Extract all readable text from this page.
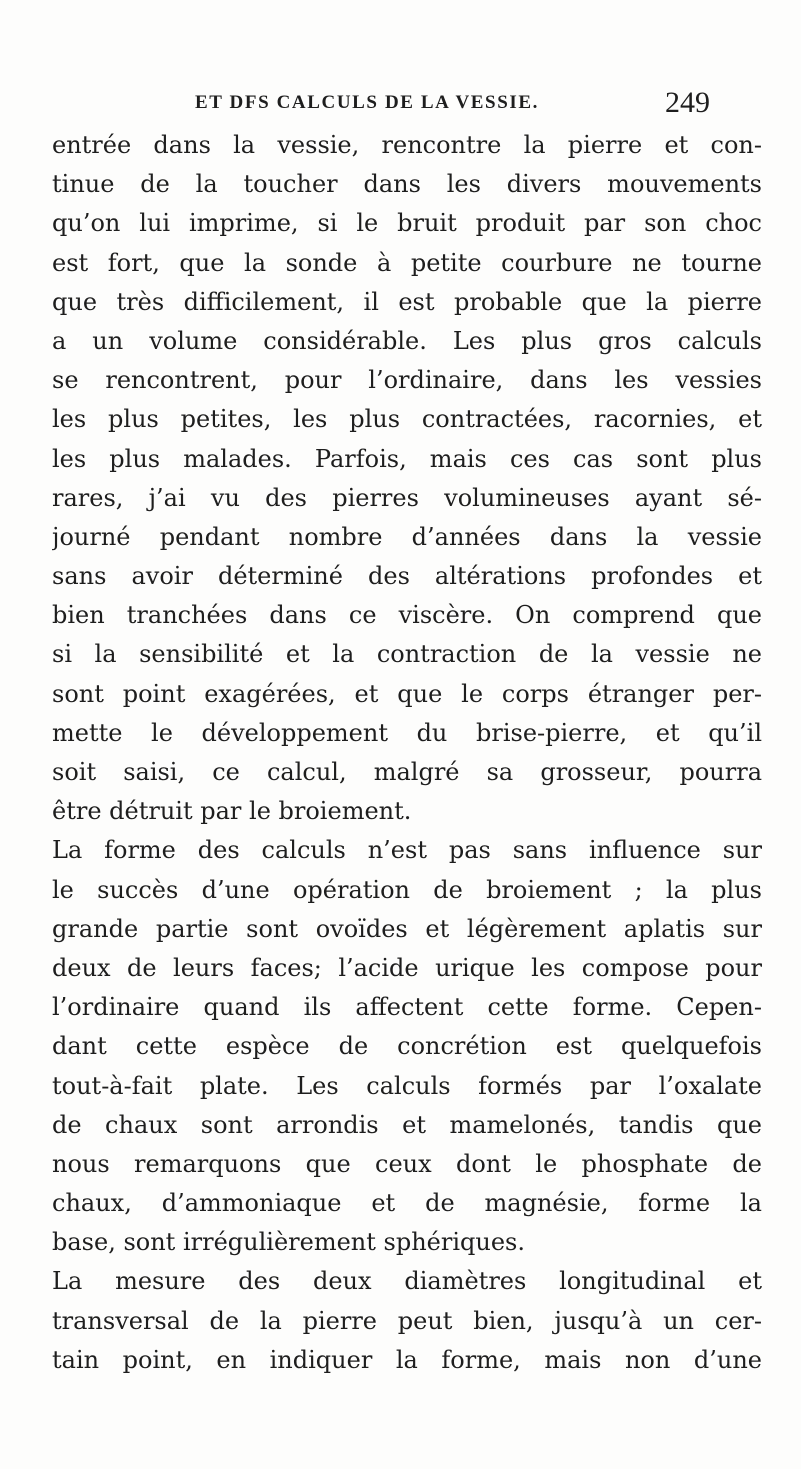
ET DFS CALCULS DE LA VESSIE.	249
entrée dans la vessie, rencontre la pierre et con-
tinue de la toucher dans les divers mouvements
qu’on lui imprime, si le bruit produit par son choc
est fort, que la sonde à petite courbure ne tourne
que très difficilement, il est probable que la pierre
a un volume considérable. Les plus gros calculs
se rencontrent, pour l’ordinaire, dans les vessies
les plus petites, les plus contractées, racornies, et
les plus malades. Parfois, mais ces cas sont plus
rares, j’ai vu des pierres volumineuses ayant sé-
journé pendant nombre d’années dans la vessie
sans avoir déterminé des altérations profondes et
bien tranchées dans ce viscère. On comprend que
si la sensibilité et la contraction de la vessie ne
sont point exagérées, et que le corps étranger per-
mette le développement du brise-pierre, et qu’il
soit saisi, ce calcul, malgré sa grosseur, pourra
être détruit par le broiement.
La forme des calculs n’est pas sans influence sur
le succès d’une opération de broiement ; la plus
grande partie sont ovoïdes et légèrement aplatis sur
deux de leurs faces; l’acide urique les compose pour
l’ordinaire quand ils affectent cette forme. Cepen-
dant cette espèce de concrétion est quelquefois
tout-à-fait plate. Les calculs formés par l’oxalate
de chaux sont arrondis et mamelonés, tandis que
nous remarquons que ceux dont le phosphate de
chaux, d’ammoniaque et de magnésie, forme la
base, sont irrégulièrement sphériques.
La mesure des deux diamètres longitudinal et
transversal de la pierre peut bien, jusqu’à un cer-
tain point, en indiquer la forme, mais non d’une
